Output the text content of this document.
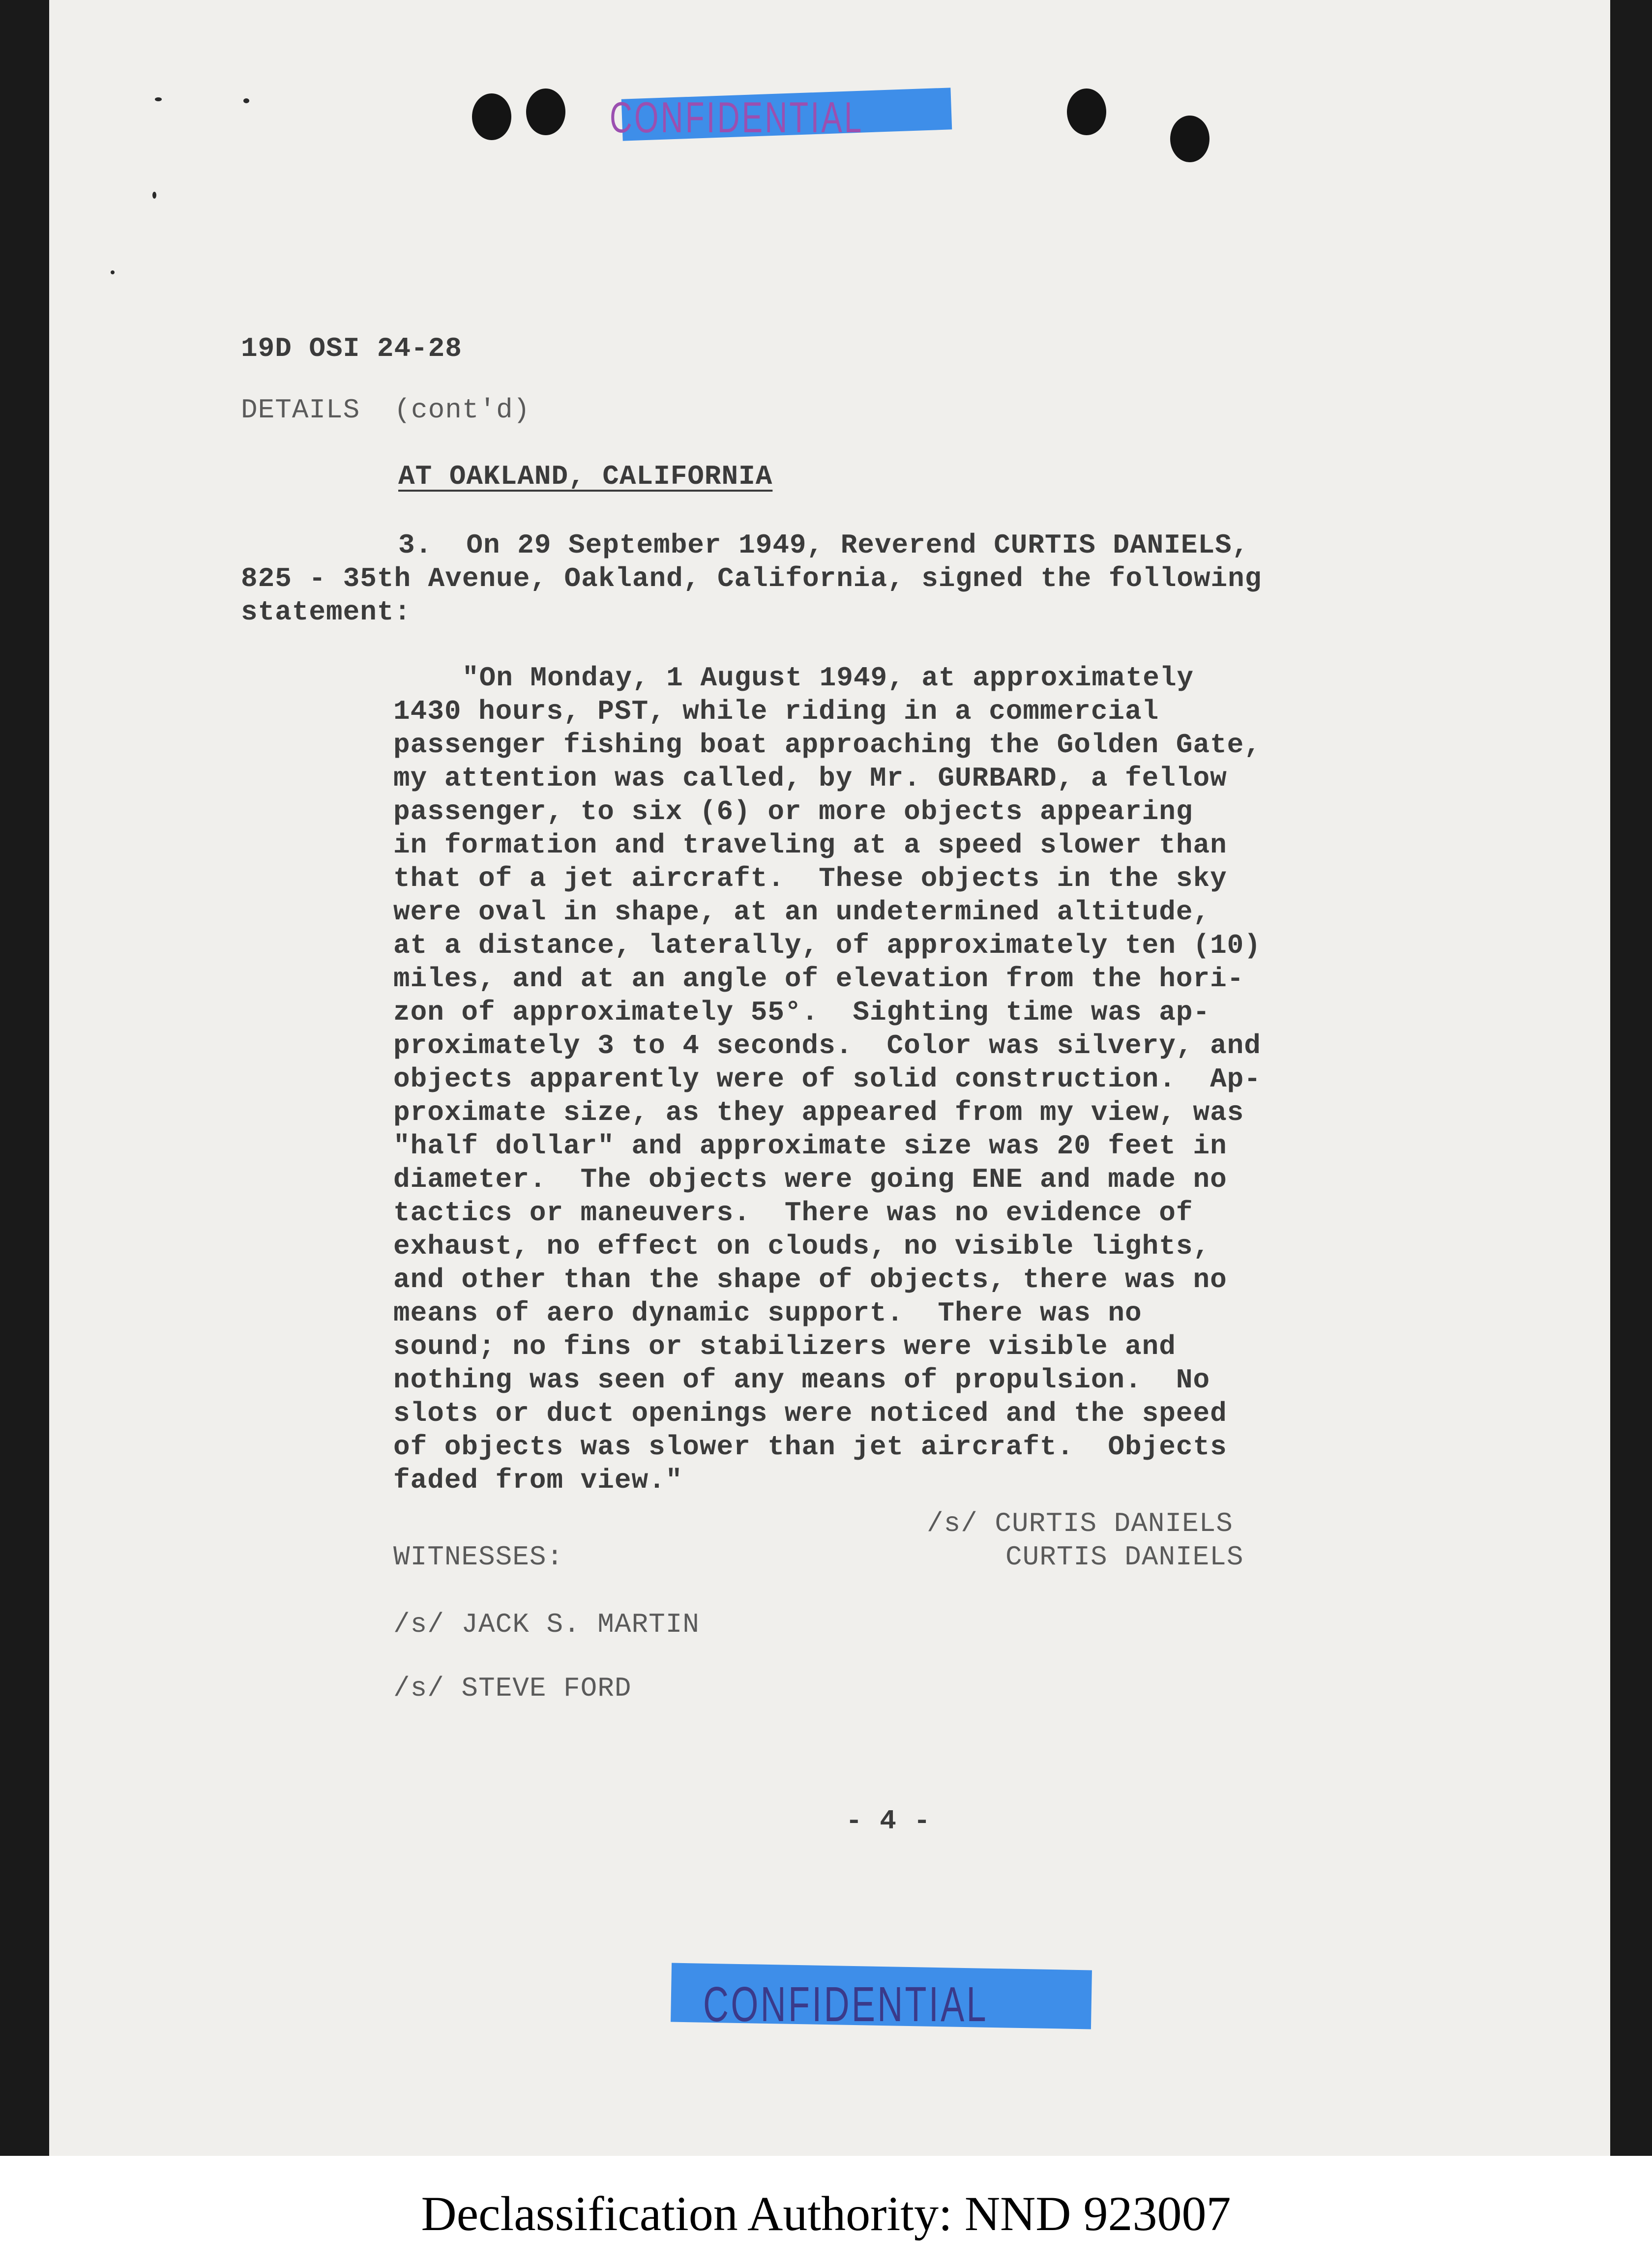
CONFIDENTIAL
19D OSI 24-28
DETAILS  (cont'd)
AT OAKLAND, CALIFORNIA
3.  On 29 September 1949, Reverend CURTIS DANIELS,
825 - 35th Avenue, Oakland, California, signed the following
statement:
"On Monday, 1 August 1949, at approximately
1430 hours, PST, while riding in a commercial
passenger fishing boat approaching the Golden Gate,
my attention was called, by Mr. GURBARD, a fellow
passenger, to six (6) or more objects appearing
in formation and traveling at a speed slower than
that of a jet aircraft.  These objects in the sky
were oval in shape, at an undetermined altitude,
at a distance, laterally, of approximately ten (10)
miles, and at an angle of elevation from the hori-
zon of approximately 55°.  Sighting time was ap-
proximately 3 to 4 seconds.  Color was silvery, and
objects apparently were of solid construction.  Ap-
proximate size, as they appeared from my view, was
"half dollar" and approximate size was 20 feet in
diameter.  The objects were going ENE and made no
tactics or maneuvers.  There was no evidence of
exhaust, no effect on clouds, no visible lights,
and other than the shape of objects, there was no
means of aero dynamic support.  There was no
sound; no fins or stabilizers were visible and
nothing was seen of any means of propulsion.  No
slots or duct openings were noticed and the speed
of objects was slower than jet aircraft.  Objects
faded from view."
/s/ CURTIS DANIELS
CURTIS DANIELS
WITNESSES:
/s/ JACK S. MARTIN
/s/ STEVE FORD
- 4 -
CONFIDENTIAL
Declassification Authority: NND 923007
